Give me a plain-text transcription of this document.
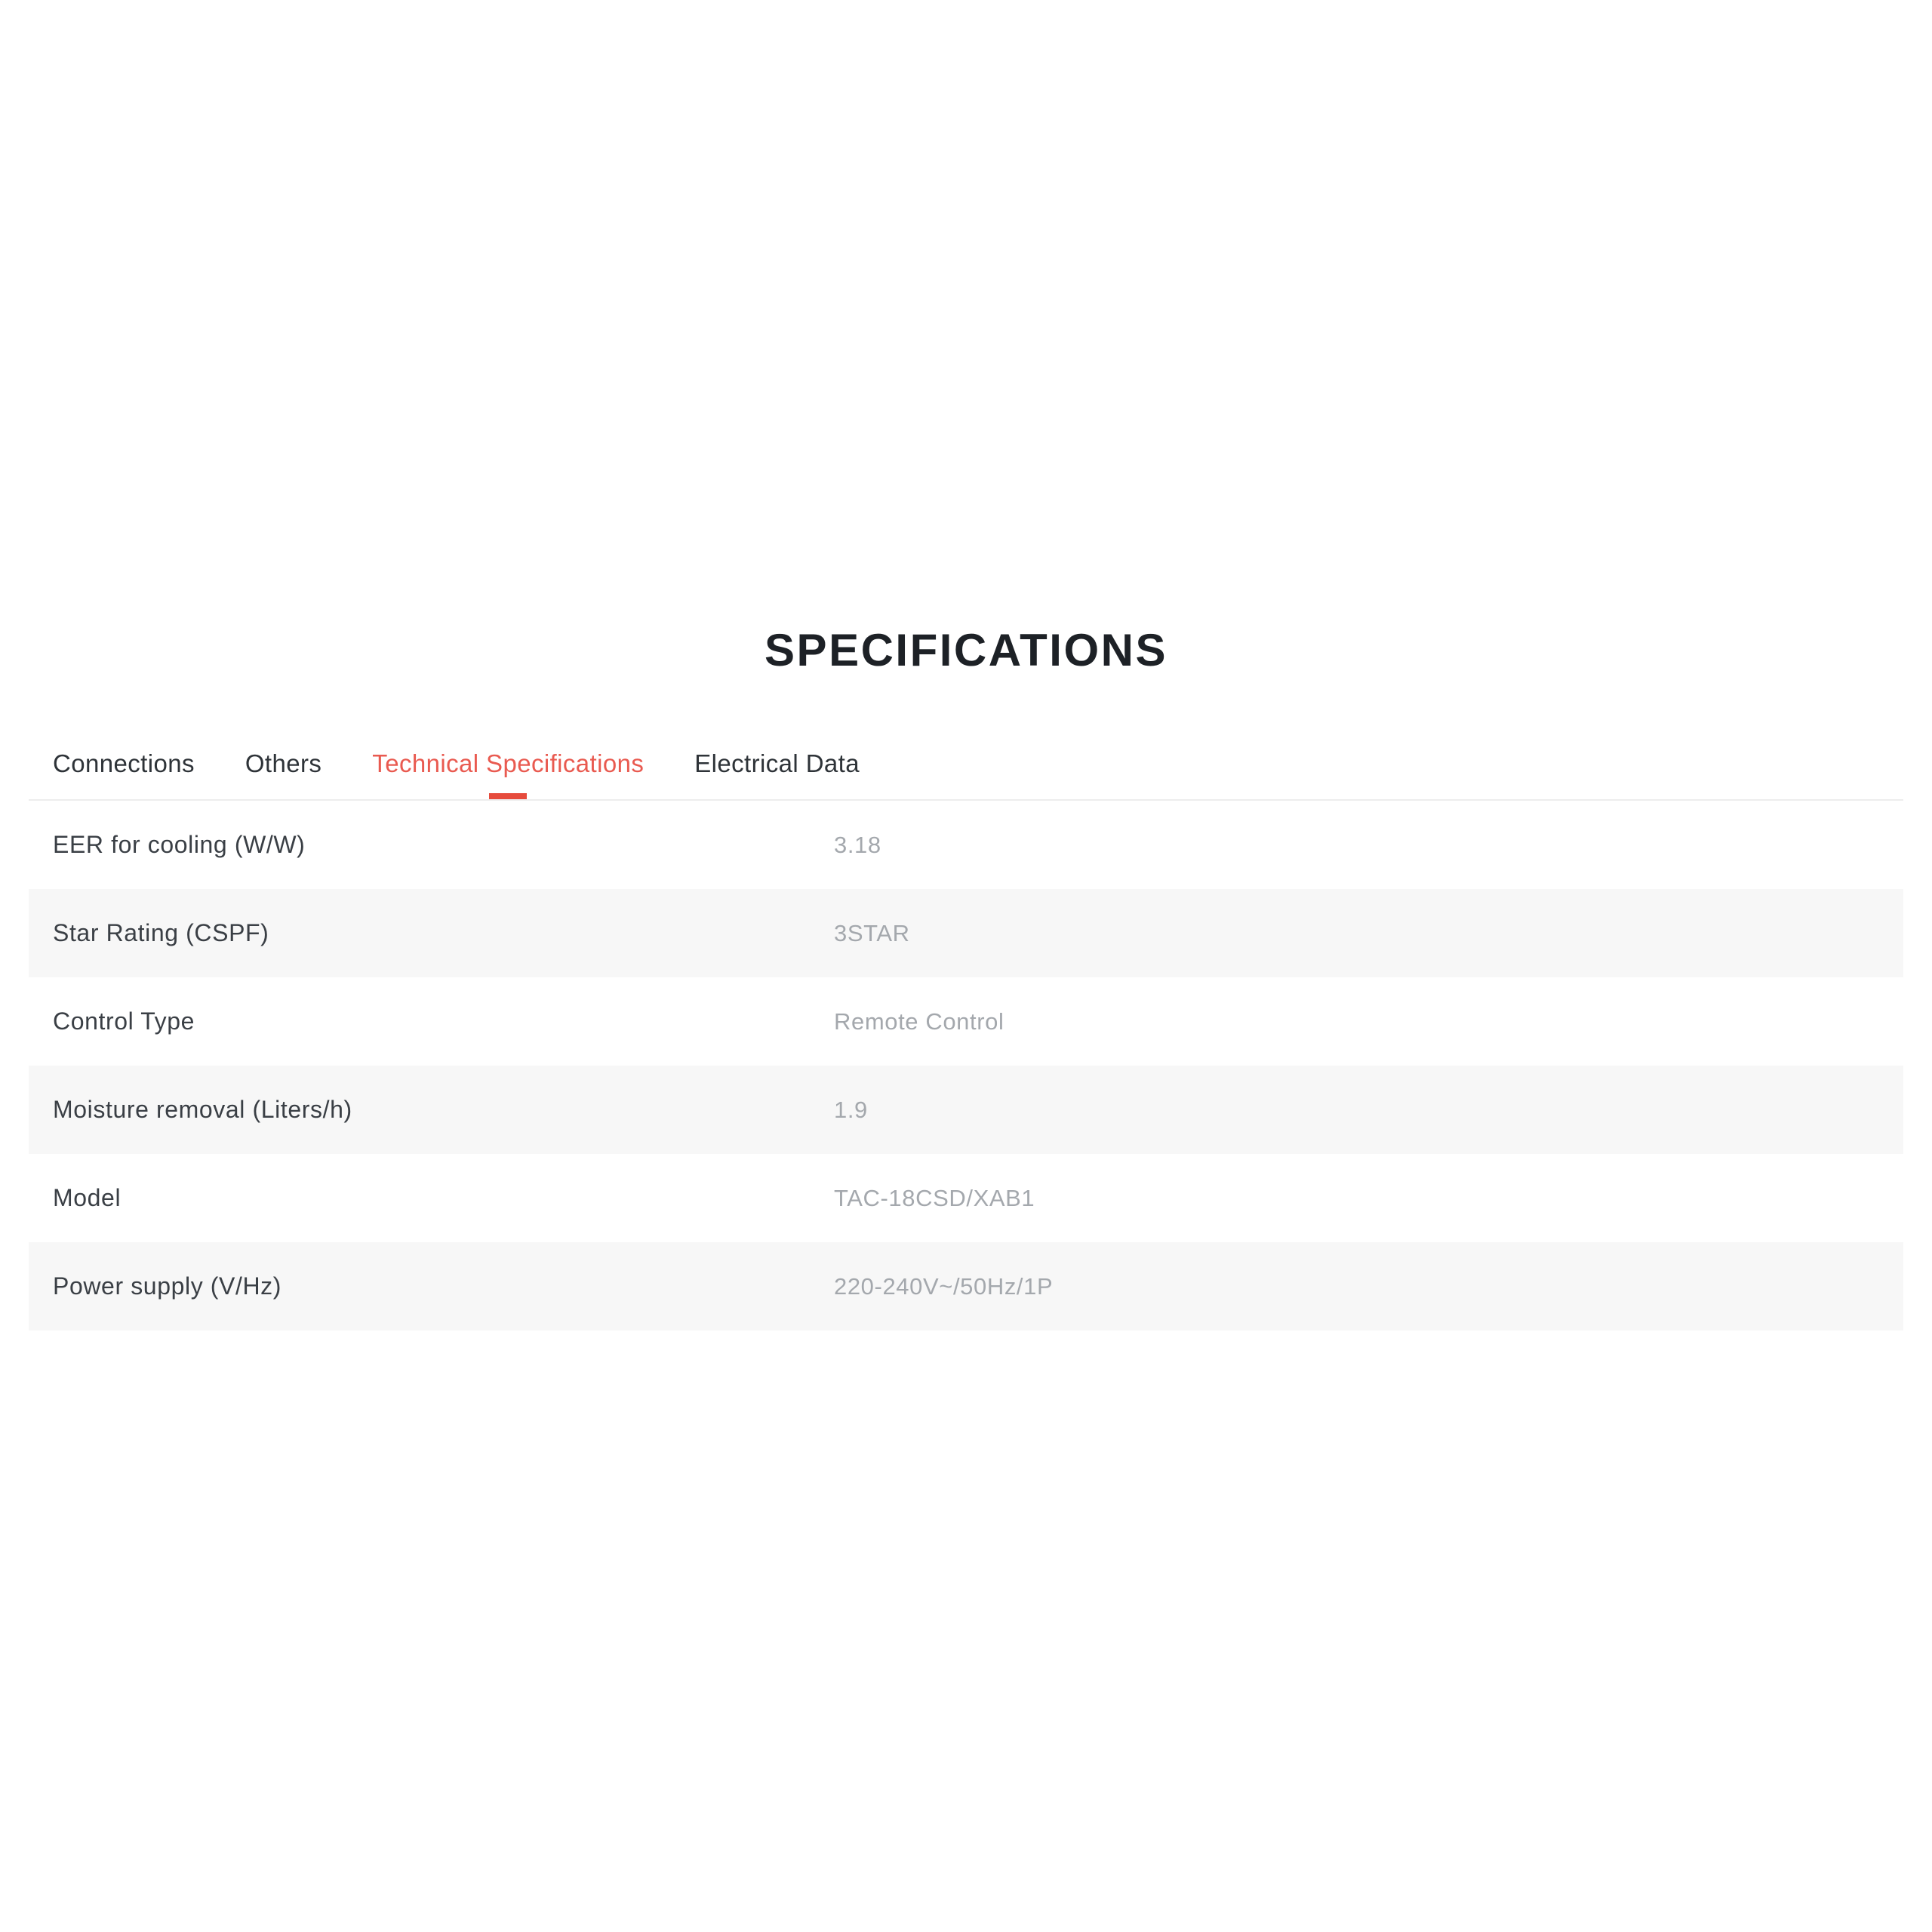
SPECIFICATIONS
Connections Others Technical Specifications Electrical Data
EER for cooling (W/W)	3.18
Star Rating (CSPF)	3STAR
Control Type	Remote Control
Moisture removal (Liters/h)	1.9
Model	TAC-18CSD/XAB1
Power supply (V/Hz)	220-240V~/50Hz/1P
